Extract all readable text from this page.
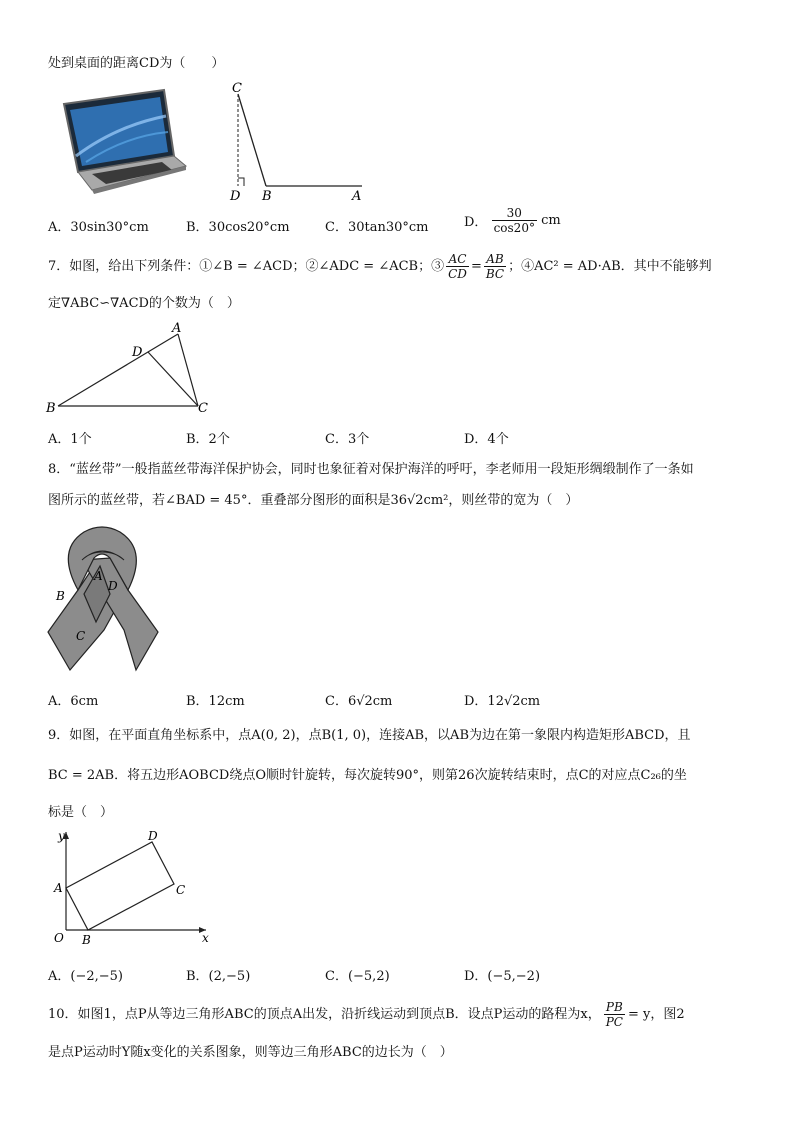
处到桌面的距离CD为（　　）
C
D B	A
A．30sin30°cm	B．30cos20°cm	C．30tan30°cm	D． $\frac{30}{\cos 20^\circ}$ cm
7．如图，给出下列条件：①∠B = ∠ACD；②∠ADC = ∠ACB；③ $\frac{AC}{CD} = \frac{AB}{BC}$ ；④AC² = AD·AB．其中不能够判
定∇ABC∽∇ACD的个数为（　）
A
D
B	C
A．1个	B．2个	C．3个	D．4个
8．“蓝丝带”一般指蓝丝带海洋保护协会，同时也象征着对保护海洋的呼吁，李老师用一段矩形绸缎制作了一条如
图所示的蓝丝带，若∠BAD = 45°．重叠部分图形的面积是36√2cm²，则丝带的宽为（　）
A
B
D
C
A．6cm	B．12cm	C．6√2cm	D．12√2cm
9．如图，在平面直角坐标系中，点A(0, 2)，点B(1, 0)，连接AB，以AB为边在第一象限内构造矩形ABCD，且
BC = 2AB．将五边形AOBCD绕点O顺时针旋转，每次旋转90°，则第26次旋转结束时，点C的对应点C₂₆的坐
标是（　）
y
x
O
A
B
C
D
A．(−2,−5)	B．(2,−5)	C．(−5,2)	D．(−5,−2)
10．如图1，点P从等边三角形ABC的顶点A出发，沿折线运动到顶点B．设点P运动的路程为x， $\frac{PB}{PC} = y$，图2
是点P运动时Y随x变化的关系图象，则等边三角形ABC的边长为（　）
